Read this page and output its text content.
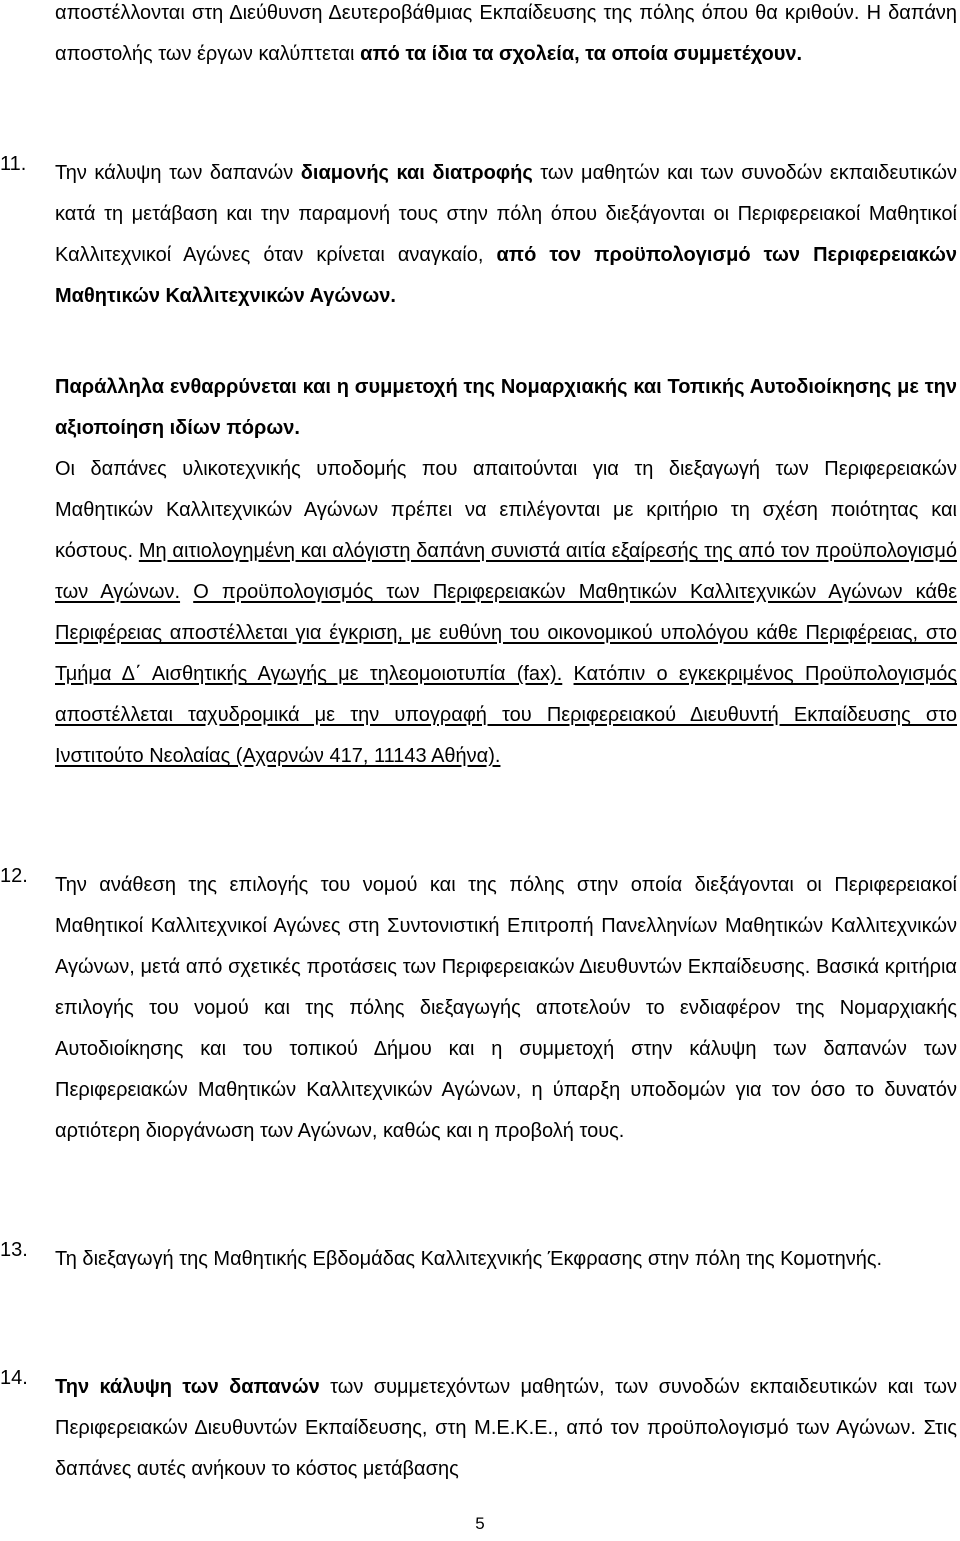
αποστέλλονται στη Διεύθυνση Δευτεροβάθμιας Εκπαίδευσης της πόλης όπου θα κριθούν. Η δαπάνη αποστολής των έργων καλύπτεται από τα ίδια τα σχολεία, τα οποία συμμετέχουν.
11.	Την κάλυψη των δαπανών διαμονής και διατροφής των μαθητών και των συνοδών εκπαιδευτικών κατά τη μετάβαση και την παραμονή τους στην πόλη όπου διεξάγονται οι Περιφερειακοί Μαθητικοί Καλλιτεχνικοί Αγώνες όταν κρίνεται αναγκαίο, από τον προϋπολογισμό των Περιφερειακών Μαθητικών Καλλιτεχνικών Αγώνων.
Παράλληλα ενθαρρύνεται και η συμμετοχή της Νομαρχιακής και Τοπικής Αυτοδιοίκησης με την αξιοποίηση ιδίων πόρων.
Οι δαπάνες υλικοτεχνικής υποδομής που απαιτούνται για τη διεξαγωγή των Περιφερειακών Μαθητικών Καλλιτεχνικών Αγώνων πρέπει να επιλέγονται με κριτήριο τη σχέση ποιότητας και κόστους. Μη αιτιολογημένη και αλόγιστη δαπάνη συνιστά αιτία εξαίρεσής της από τον προϋπολογισμό των Αγώνων. Ο προϋπολογισμός των Περιφερειακών Μαθητικών Καλλιτεχνικών Αγώνων κάθε Περιφέρειας αποστέλλεται για έγκριση, με ευθύνη του οικονομικού υπολόγου κάθε Περιφέρειας, στο Τμήμα Δ΄ Αισθητικής Αγωγής με τηλεομοιοτυπία (fax). Κατόπιν ο εγκεκριμένος Προϋπολογισμός αποστέλλεται ταχυδρομικά με την υπογραφή του Περιφερειακού Διευθυντή Εκπαίδευσης στο Ινστιτούτο Νεολαίας (Αχαρνών 417, 11143 Αθήνα).
12.	Την ανάθεση της επιλογής του νομού και της πόλης στην οποία διεξάγονται οι Περιφερειακοί Μαθητικοί Καλλιτεχνικοί Αγώνες στη Συντονιστική Επιτροπή Πανελληνίων Μαθητικών Καλλιτεχνικών Αγώνων, μετά από σχετικές προτάσεις των Περιφερειακών Διευθυντών Εκπαίδευσης. Βασικά κριτήρια επιλογής του νομού και της πόλης διεξαγωγής αποτελούν το ενδιαφέρον της Νομαρχιακής Αυτοδιοίκησης και του τοπικού Δήμου και η συμμετοχή στην κάλυψη των δαπανών των Περιφερειακών Μαθητικών Καλλιτεχνικών Αγώνων, η ύπαρξη υποδομών για τον όσο το δυνατόν αρτιότερη διοργάνωση των Αγώνων, καθώς και η προβολή τους.
13.	Τη διεξαγωγή της Μαθητικής Εβδομάδας Καλλιτεχνικής Έκφρασης στην πόλη της Κομοτηνής.
14.	Την κάλυψη των δαπανών των συμμετεχόντων μαθητών, των συνοδών εκπαιδευτικών και των Περιφερειακών Διευθυντών Εκπαίδευσης, στη Μ.Ε.Κ.Ε., από τον προϋπολογισμό των Αγώνων. Στις δαπάνες αυτές ανήκουν το κόστος μετάβασης
5
